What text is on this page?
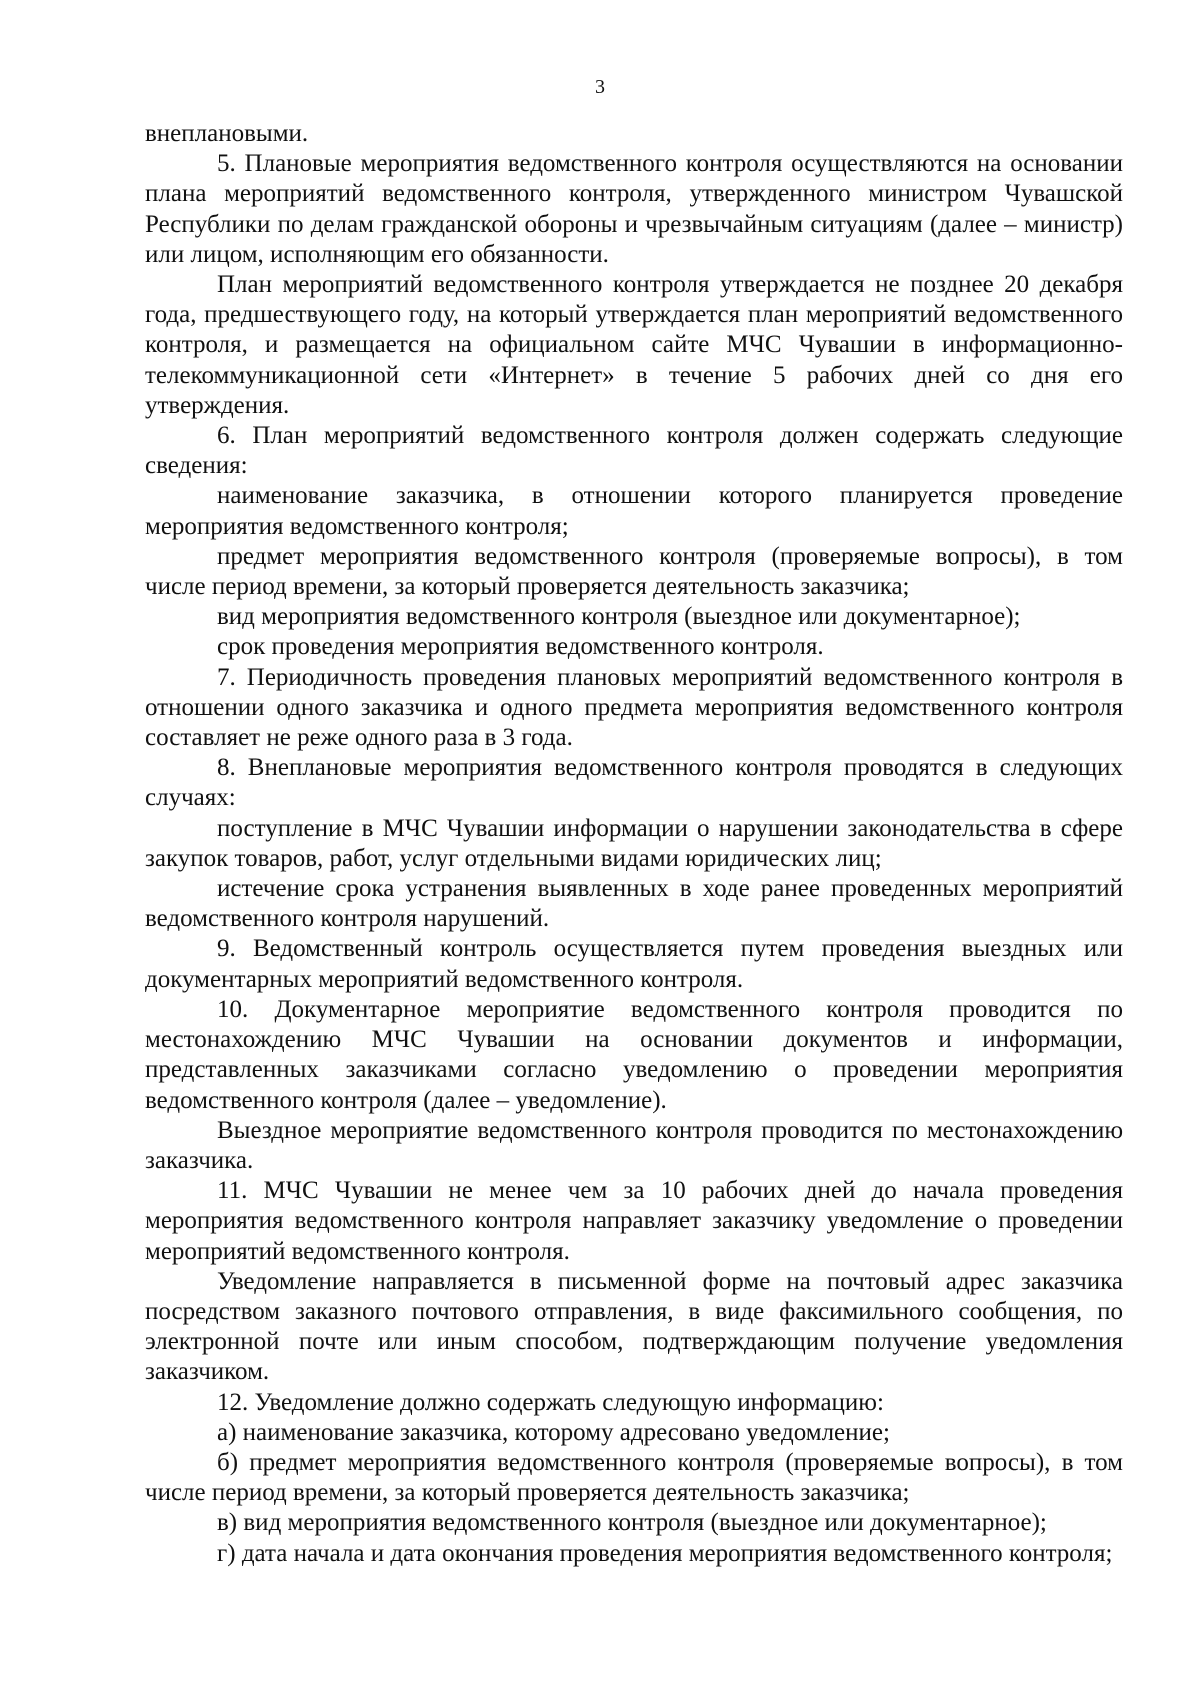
3

внеплановыми.

5. Плановые мероприятия ведомственного контроля осуществляются на основании плана мероприятий ведомственного контроля, утвержденного министром Чувашской Республики по делам гражданской обороны и чрезвычайным ситуациям (далее – министр) или лицом, исполняющим его обязанности.

План мероприятий ведомственного контроля утверждается не позднее 20 декабря года, предшествующего году, на который утверждается план мероприятий ведомственного контроля, и размещается на официальном сайте МЧС Чувашии в информационно-телекоммуникационной сети «Интернет» в течение 5 рабочих дней со дня его утверждения.

6. План мероприятий ведомственного контроля должен содержать следующие сведения:

наименование заказчика, в отношении которого планируется проведение мероприятия ведомственного контроля;

предмет мероприятия ведомственного контроля (проверяемые вопросы), в том числе период времени, за который проверяется деятельность заказчика;

вид мероприятия ведомственного контроля (выездное или документарное);

срок проведения мероприятия ведомственного контроля.

7. Периодичность проведения плановых мероприятий ведомственного контроля в отношении одного заказчика и одного предмета мероприятия ведомственного контроля составляет не реже одного раза в 3 года.

8. Внеплановые мероприятия ведомственного контроля проводятся в следующих случаях:

поступление в МЧС Чувашии информации о нарушении законодательства в сфере закупок товаров, работ, услуг отдельными видами юридических лиц;

истечение срока устранения выявленных в ходе ранее проведенных мероприятий ведомственного контроля нарушений.

9. Ведомственный контроль осуществляется путем проведения выездных или документарных мероприятий ведомственного контроля.

10. Документарное мероприятие ведомственного контроля проводится по местонахождению МЧС Чувашии на основании документов и информации, представленных заказчиками согласно уведомлению о проведении мероприятия ведомственного контроля (далее – уведомление).

Выездное мероприятие ведомственного контроля проводится по местонахождению заказчика.

11. МЧС Чувашии не менее чем за 10 рабочих дней до начала проведения мероприятия ведомственного контроля направляет заказчику уведомление о проведении мероприятий ведомственного контроля.

Уведомление направляется в письменной форме на почтовый адрес заказчика посредством заказного почтового отправления, в виде факсимильного сообщения, по электронной почте или иным способом, подтверждающим получение уведомления заказчиком.

12. Уведомление должно содержать следующую информацию:

а) наименование заказчика, которому адресовано уведомление;

б) предмет мероприятия ведомственного контроля (проверяемые вопросы), в том числе период времени, за который проверяется деятельность заказчика;

в) вид мероприятия ведомственного контроля (выездное или документарное);

г) дата начала и дата окончания проведения мероприятия ведомственного контроля;
